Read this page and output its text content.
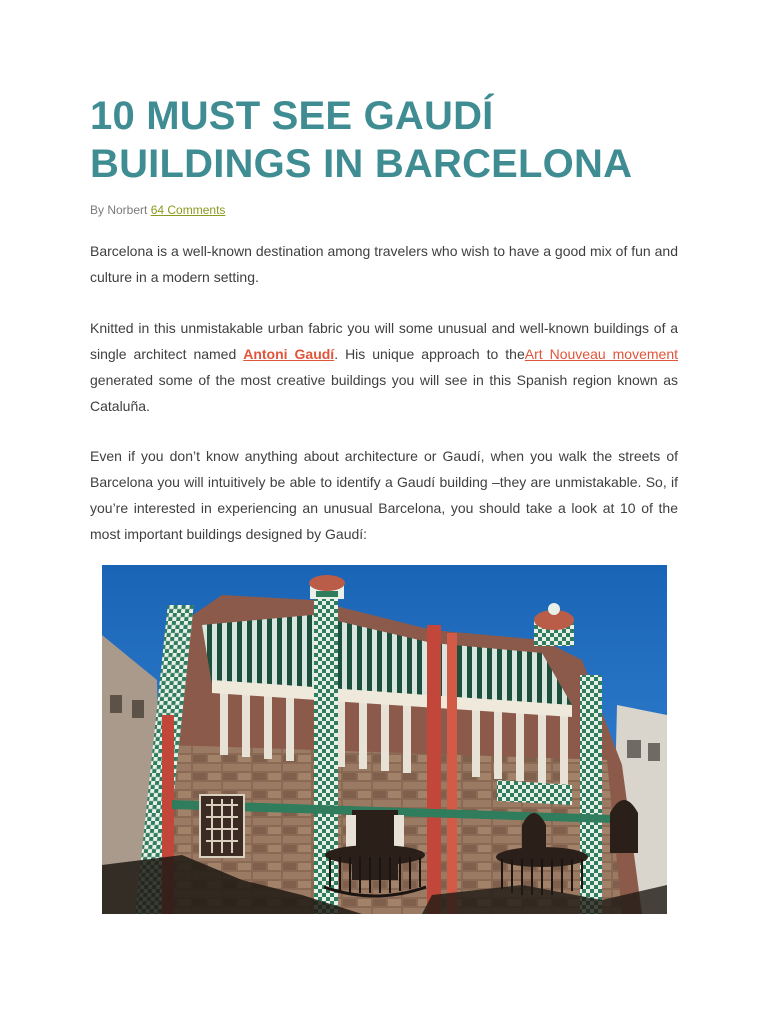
10 MUST SEE GAUDÍ
BUILDINGS IN BARCELONA
By Norbert 64 Comments

Barcelona is a well-known destination among travelers who wish to have a good mix of fun and culture in a modern setting.

Knitted in this unmistakable urban fabric you will some unusual and well-known buildings of a single architect named Antoni Gaudí. His unique approach to theArt Nouveau movement generated some of the most creative buildings you will see in this Spanish region known as Cataluña.

Even if you don’t know anything about architecture or Gaudí, when you walk the streets of Barcelona you will intuitively be able to identify a Gaudí building –they are unmistakable. So, if you’re interested in experiencing an unusual Barcelona, you should take a look at 10 of the most important buildings designed by Gaudí:
